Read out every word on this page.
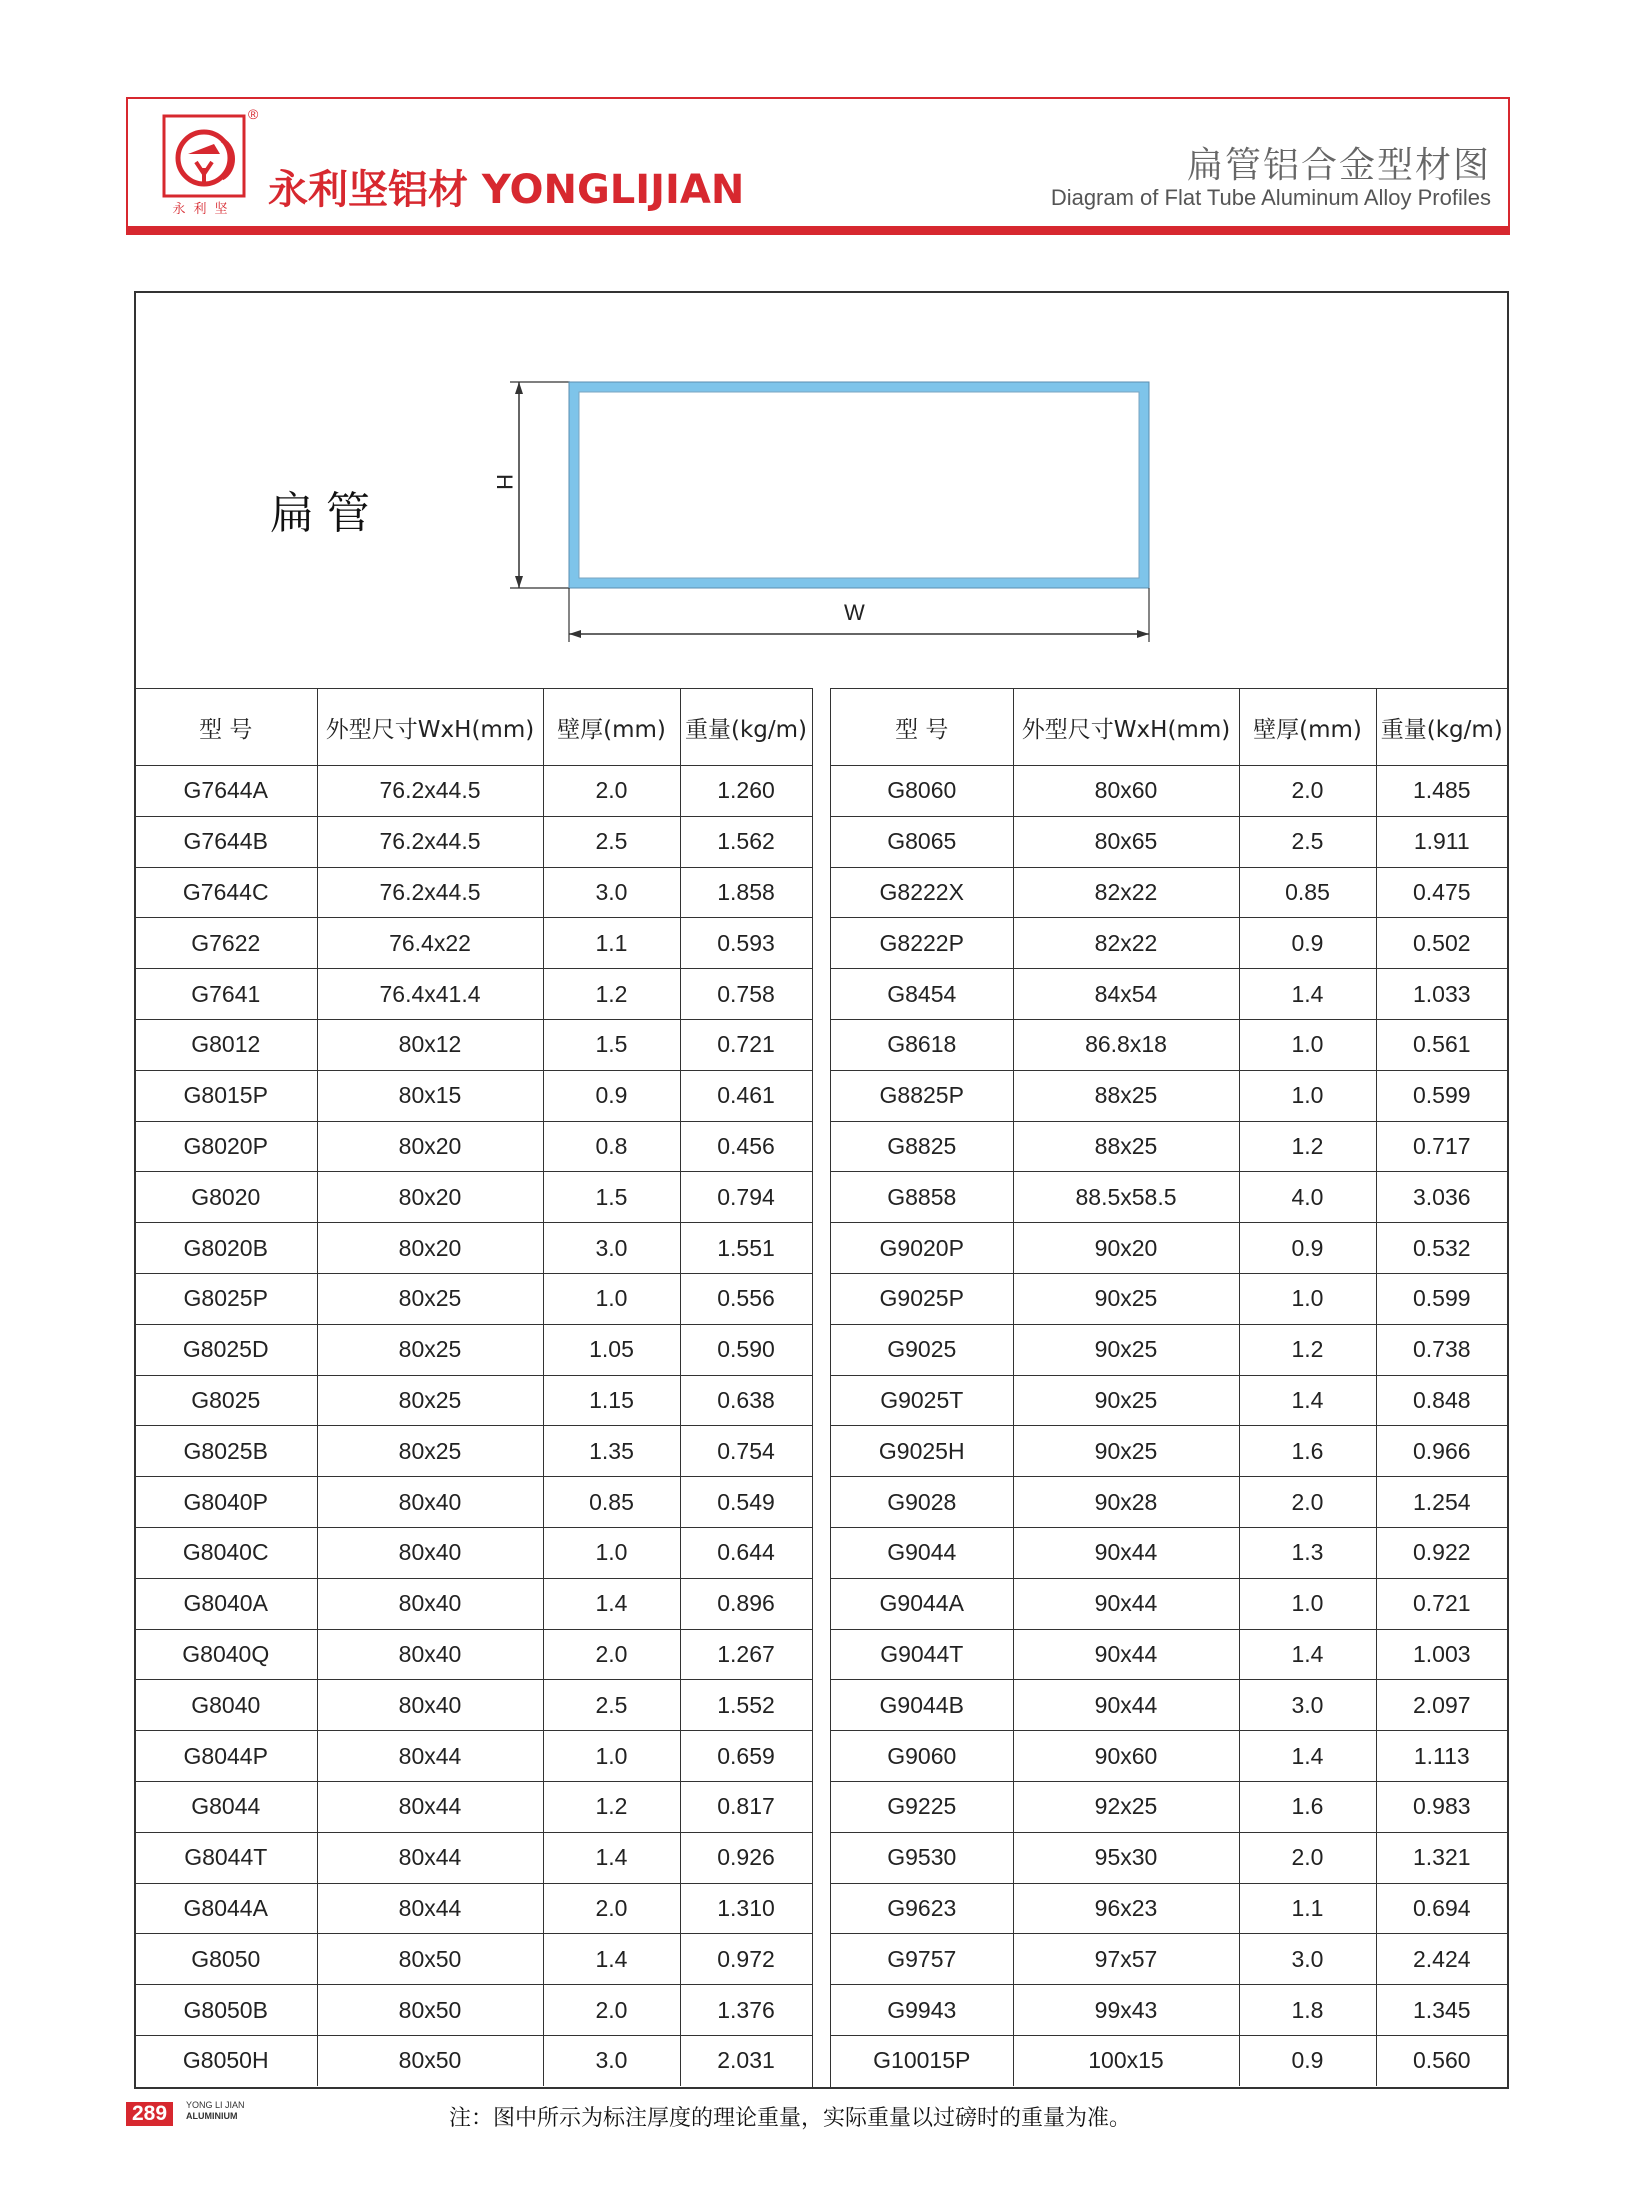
永利坚
®
永利坚铝材 YONGLIJIAN
扁管铝合金型材图
Diagram of Flat Tube Aluminum Alloy Profiles
扁管
H
W
型 号	外型尺寸WxH(mm)	壁厚(mm)	重量(kg/m)
G7644A	76.2x44.5	2.0	1.260
G7644B	76.2x44.5	2.5	1.562
G7644C	76.2x44.5	3.0	1.858
G7622	76.4x22	1.1	0.593
G7641	76.4x41.4	1.2	0.758
G8012	80x12	1.5	0.721
G8015P	80x15	0.9	0.461
G8020P	80x20	0.8	0.456
G8020	80x20	1.5	0.794
G8020B	80x20	3.0	1.551
G8025P	80x25	1.0	0.556
G8025D	80x25	1.05	0.590
G8025	80x25	1.15	0.638
G8025B	80x25	1.35	0.754
G8040P	80x40	0.85	0.549
G8040C	80x40	1.0	0.644
G8040A	80x40	1.4	0.896
G8040Q	80x40	2.0	1.267
G8040	80x40	2.5	1.552
G8044P	80x44	1.0	0.659
G8044	80x44	1.2	0.817
G8044T	80x44	1.4	0.926
G8044A	80x44	2.0	1.310
G8050	80x50	1.4	0.972
G8050B	80x50	2.0	1.376
G8050H	80x50	3.0	2.031
型 号	外型尺寸WxH(mm)	壁厚(mm)	重量(kg/m)
G8060	80x60	2.0	1.485
G8065	80x65	2.5	1.911
G8222X	82x22	0.85	0.475
G8222P	82x22	0.9	0.502
G8454	84x54	1.4	1.033
G8618	86.8x18	1.0	0.561
G8825P	88x25	1.0	0.599
G8825	88x25	1.2	0.717
G8858	88.5x58.5	4.0	3.036
G9020P	90x20	0.9	0.532
G9025P	90x25	1.0	0.599
G9025	90x25	1.2	0.738
G9025T	90x25	1.4	0.848
G9025H	90x25	1.6	0.966
G9028	90x28	2.0	1.254
G9044	90x44	1.3	0.922
G9044A	90x44	1.0	0.721
G9044T	90x44	1.4	1.003
G9044B	90x44	3.0	2.097
G9060	90x60	1.4	1.113
G9225	92x25	1.6	0.983
G9530	95x30	2.0	1.321
G9623	96x23	1.1	0.694
G9757	97x57	3.0	2.424
G9943	99x43	1.8	1.345
G10015P	100x15	0.9	0.560
289	YONG LI JIAN
ALUMINIUM	注：图中所示为标注厚度的理论重量，实际重量以过磅时的重量为准。
